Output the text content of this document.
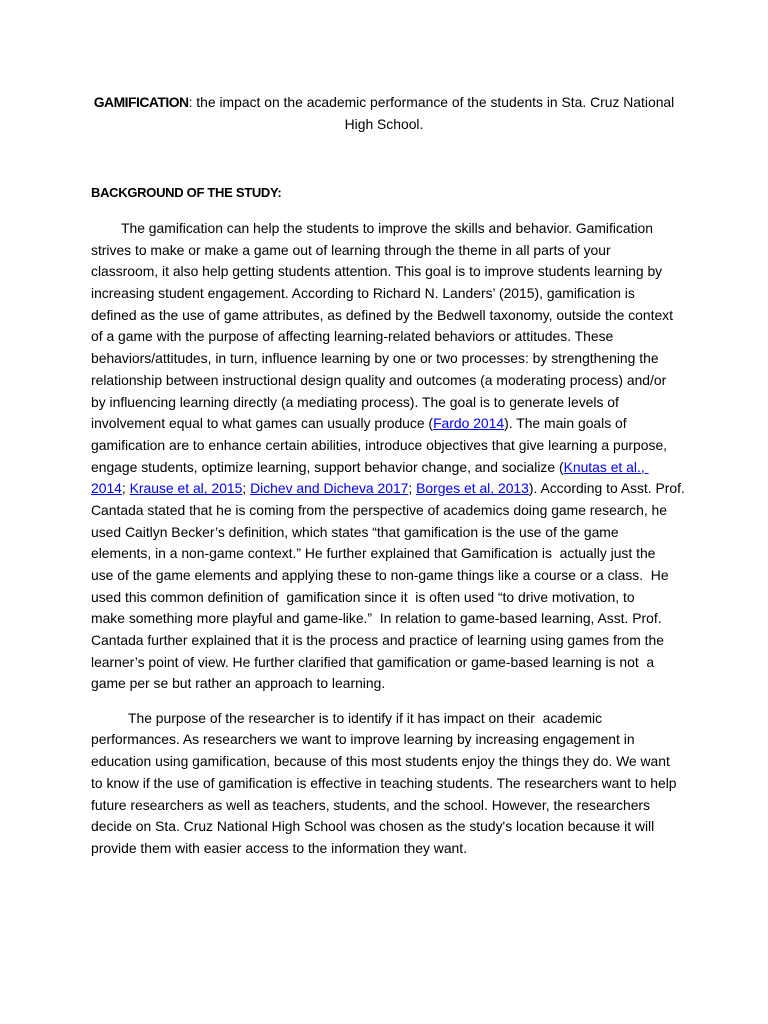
GAMIFICATION: the impact on the academic performance of the students in Sta. Cruz National
High School.
BACKGROUND OF THE STUDY:
The gamification can help the students to improve the skills and behavior. Gamification
strives to make or make a game out of learning through the theme in all parts of your
classroom, it also help getting students attention. This goal is to improve students learning by
increasing student engagement. According to Richard N. Landers’ (2015), gamification is
defined as the use of game attributes, as defined by the Bedwell taxonomy, outside the context
of a game with the purpose of affecting learning-related behaviors or attitudes. These
behaviors/attitudes, in turn, influence learning by one or two processes: by strengthening the
relationship between instructional design quality and outcomes (a moderating process) and/or
by influencing learning directly (a mediating process). The goal is to generate levels of
involvement equal to what games can usually produce (Fardo 2014). The main goals of
gamification are to enhance certain abilities, introduce objectives that give learning a purpose,
engage students, optimize learning, support behavior change, and socialize (Knutas et al.,
2014; Krause et al, 2015; Dichev and Dicheva 2017; Borges et al, 2013). According to Asst. Prof.
Cantada stated that he is coming from the perspective of academics doing game research, he
used Caitlyn Becker’s definition, which states “that gamification is the use of the game
elements, in a non-game context.” He further explained that Gamification is  actually just the
use of the game elements and applying these to non-game things like a course or a class.  He
used this common definition of  gamification since it  is often used “to drive motivation, to
make something more playful and game-like.”  In relation to game-based learning, Asst. Prof.
Cantada further explained that it is the process and practice of learning using games from the
learner’s point of view. He further clarified that gamification or game-based learning is not  a
game per se but rather an approach to learning.
The purpose of the researcher is to identify if it has impact on their  academic
performances. As researchers we want to improve learning by increasing engagement in
education using gamification, because of this most students enjoy the things they do. We want
to know if the use of gamification is effective in teaching students. The researchers want to help
future researchers as well as teachers, students, and the school. However, the researchers
decide on Sta. Cruz National High School was chosen as the study's location because it will
provide them with easier access to the information they want.
